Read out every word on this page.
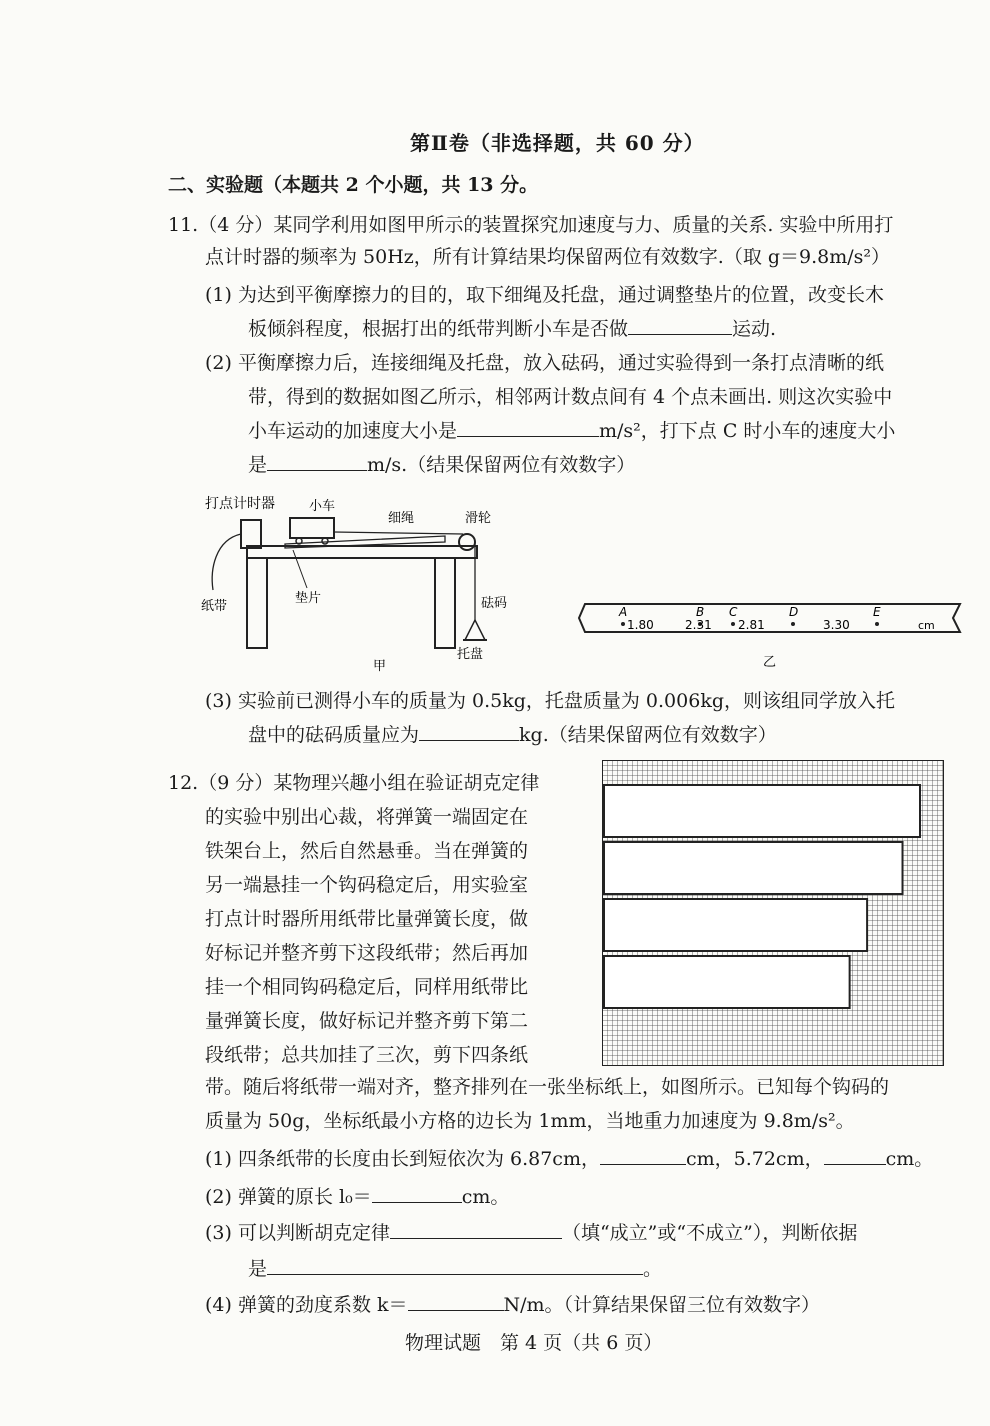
第Ⅱ卷（非选择题，共 60 分）
二、实验题（本题共 2 个小题，共 13 分。
11.（4 分）某同学利用如图甲所示的装置探究加速度与力、质量的关系. 实验中所用打
点计时器的频率为 50Hz，所有计算结果均保留两位有效数字.（取 g＝9.8m/s²）
(1) 为达到平衡摩擦力的目的，取下细绳及托盘，通过调整垫片的位置，改变长木
板倾斜程度，根据打出的纸带判断小车是否做	运动.
(2) 平衡摩擦力后，连接细绳及托盘，放入砝码，通过实验得到一条打点清晰的纸
带，得到的数据如图乙所示，相邻两计数点间有 4 个点未画出. 则这次实验中
小车运动的加速度大小是	m/s²，打下点 C 时小车的速度大小
是	m/s.（结果保留两位有效数字）
打点计时器	小车
细绳	滑轮
纸带
垫片	砝码
托盘
甲
A	B C	D	E
1.80	2.31 2.81	3.30	cm
乙
(3) 实验前已测得小车的质量为 0.5kg，托盘质量为 0.006kg，则该组同学放入托
盘中的砝码质量应为	kg.（结果保留两位有效数字）
12.（9 分）某物理兴趣小组在验证胡克定律
的实验中别出心裁，将弹簧一端固定在
铁架台上，然后自然悬垂。当在弹簧的
另一端悬挂一个钩码稳定后，用实验室
打点计时器所用纸带比量弹簧长度，做
好标记并整齐剪下这段纸带；然后再加
挂一个相同钩码稳定后，同样用纸带比
量弹簧长度，做好标记并整齐剪下第二
段纸带；总共加挂了三次，剪下四条纸
带。随后将纸带一端对齐，整齐排列在一张坐标纸上，如图所示。已知每个钩码的
质量为 50g，坐标纸最小方格的边长为 1mm，当地重力加速度为 9.8m/s²。
(1) 四条纸带的长度由长到短依次为 6.87cm，	cm，5.72cm，	cm。
(2) 弹簧的原长 l₀＝	cm。
(3) 可以判断胡克定律	（填“成立”或“不成立”），判断依据
是	。
(4) 弹簧的劲度系数 k＝	N/m。（计算结果保留三位有效数字）
物理试题　第 4 页（共 6 页）
